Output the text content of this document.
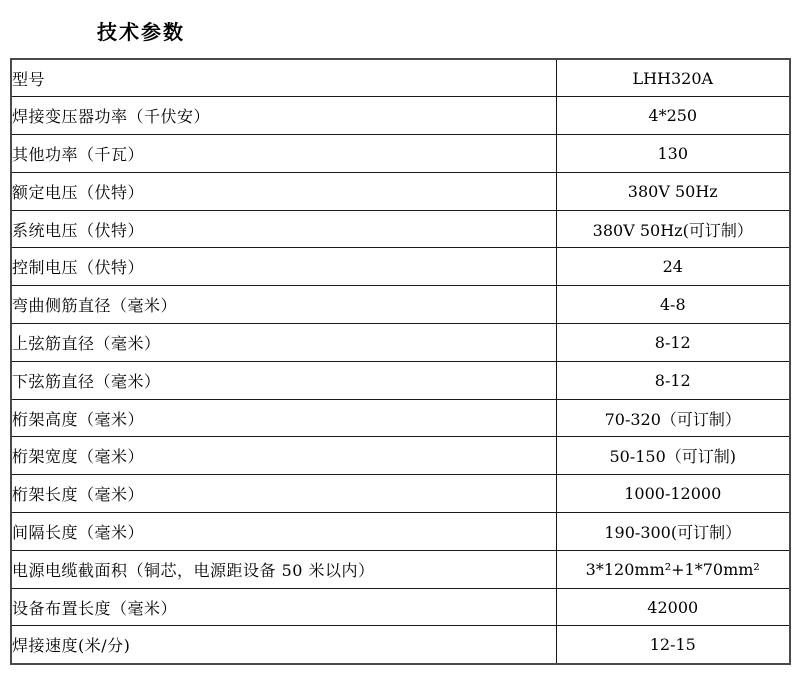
技术参数
型号	LHH320A
焊接变压器功率（千伏安）	4*250
其他功率（千瓦）	130
额定电压（伏特）	380V 50Hz
系统电压（伏特）	380V 50Hz(可订制）
控制电压（伏特）	24
弯曲侧筋直径（毫米）	4-8
上弦筋直径（毫米）	8-12
下弦筋直径（毫米）	8-12
桁架高度（毫米）	70-320（可订制）
桁架宽度（毫米）	50-150（可订制)
桁架长度（毫米）	1000-12000
间隔长度（毫米）	190-300(可订制）
电源电缆截面积（铜芯，电源距设备 50 米以内）	3*120mm²+1*70mm²
设备布置长度（毫米）	42000
焊接速度(米/分)	12-15
